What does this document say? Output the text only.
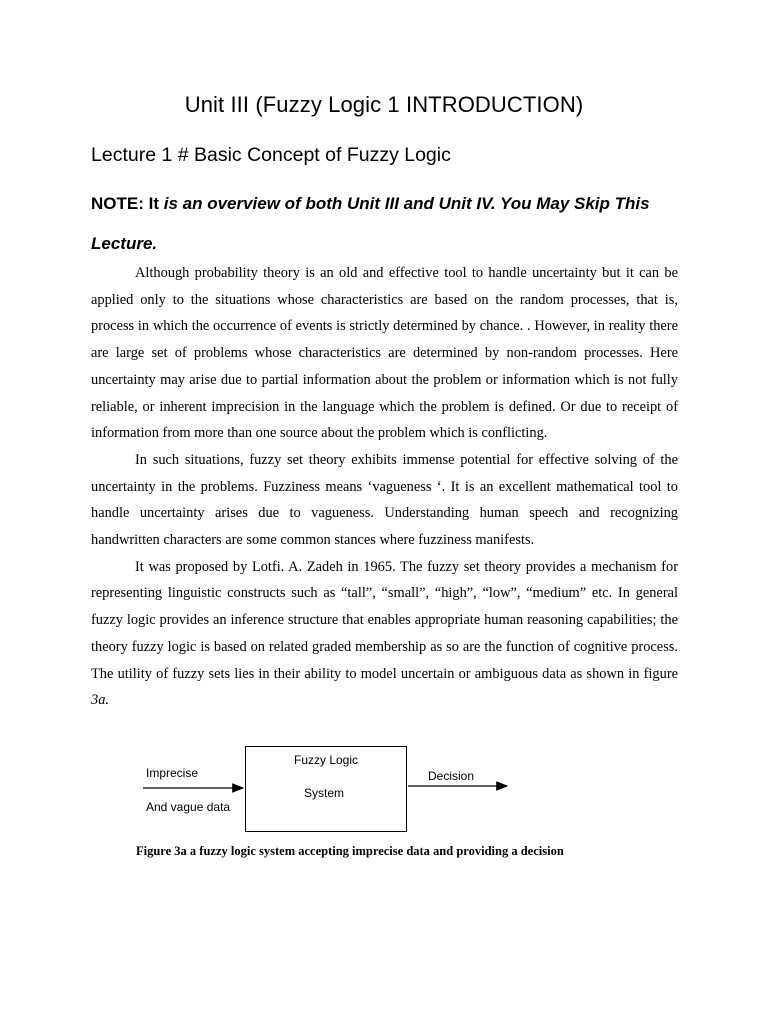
Unit III (Fuzzy Logic 1 INTRODUCTION)
Lecture 1 # Basic Concept of Fuzzy Logic
NOTE: It is an overview of both Unit III and Unit IV. You May Skip This Lecture.

Although probability theory is an old and effective tool to handle uncertainty but it can be applied only to the situations whose characteristics are based on the random processes, that is, process in which the occurrence of events is strictly determined by chance. . However, in reality there are large set of problems whose characteristics are determined by non-random processes. Here uncertainty may arise due to partial information about the problem or information which is not fully reliable, or inherent imprecision in the language which the problem is defined. Or due to receipt of information from more than one source about the problem which is conflicting.

In such situations, fuzzy set theory exhibits immense potential for effective solving of the uncertainty in the problems. Fuzziness means ‘vagueness ‘. It is an excellent mathematical tool to handle uncertainty arises due to vagueness. Understanding human speech and recognizing handwritten characters are some common stances where fuzziness manifests.

It was proposed by Lotfi. A. Zadeh in 1965. The fuzzy set theory provides a mechanism for representing linguistic constructs such as “tall”, “small”, “high”, “low”, “medium” etc. In general fuzzy logic provides an inference structure that enables appropriate human reasoning capabilities; the theory fuzzy logic is based on related graded membership as so are the function of cognitive process. The utility of fuzzy sets lies in their ability to model uncertain or ambiguous data as shown in figure 3a.

Imprecise
And vague data
Fuzzy Logic
System
Decision
Figure 3a a fuzzy logic system accepting imprecise data and providing a decision
